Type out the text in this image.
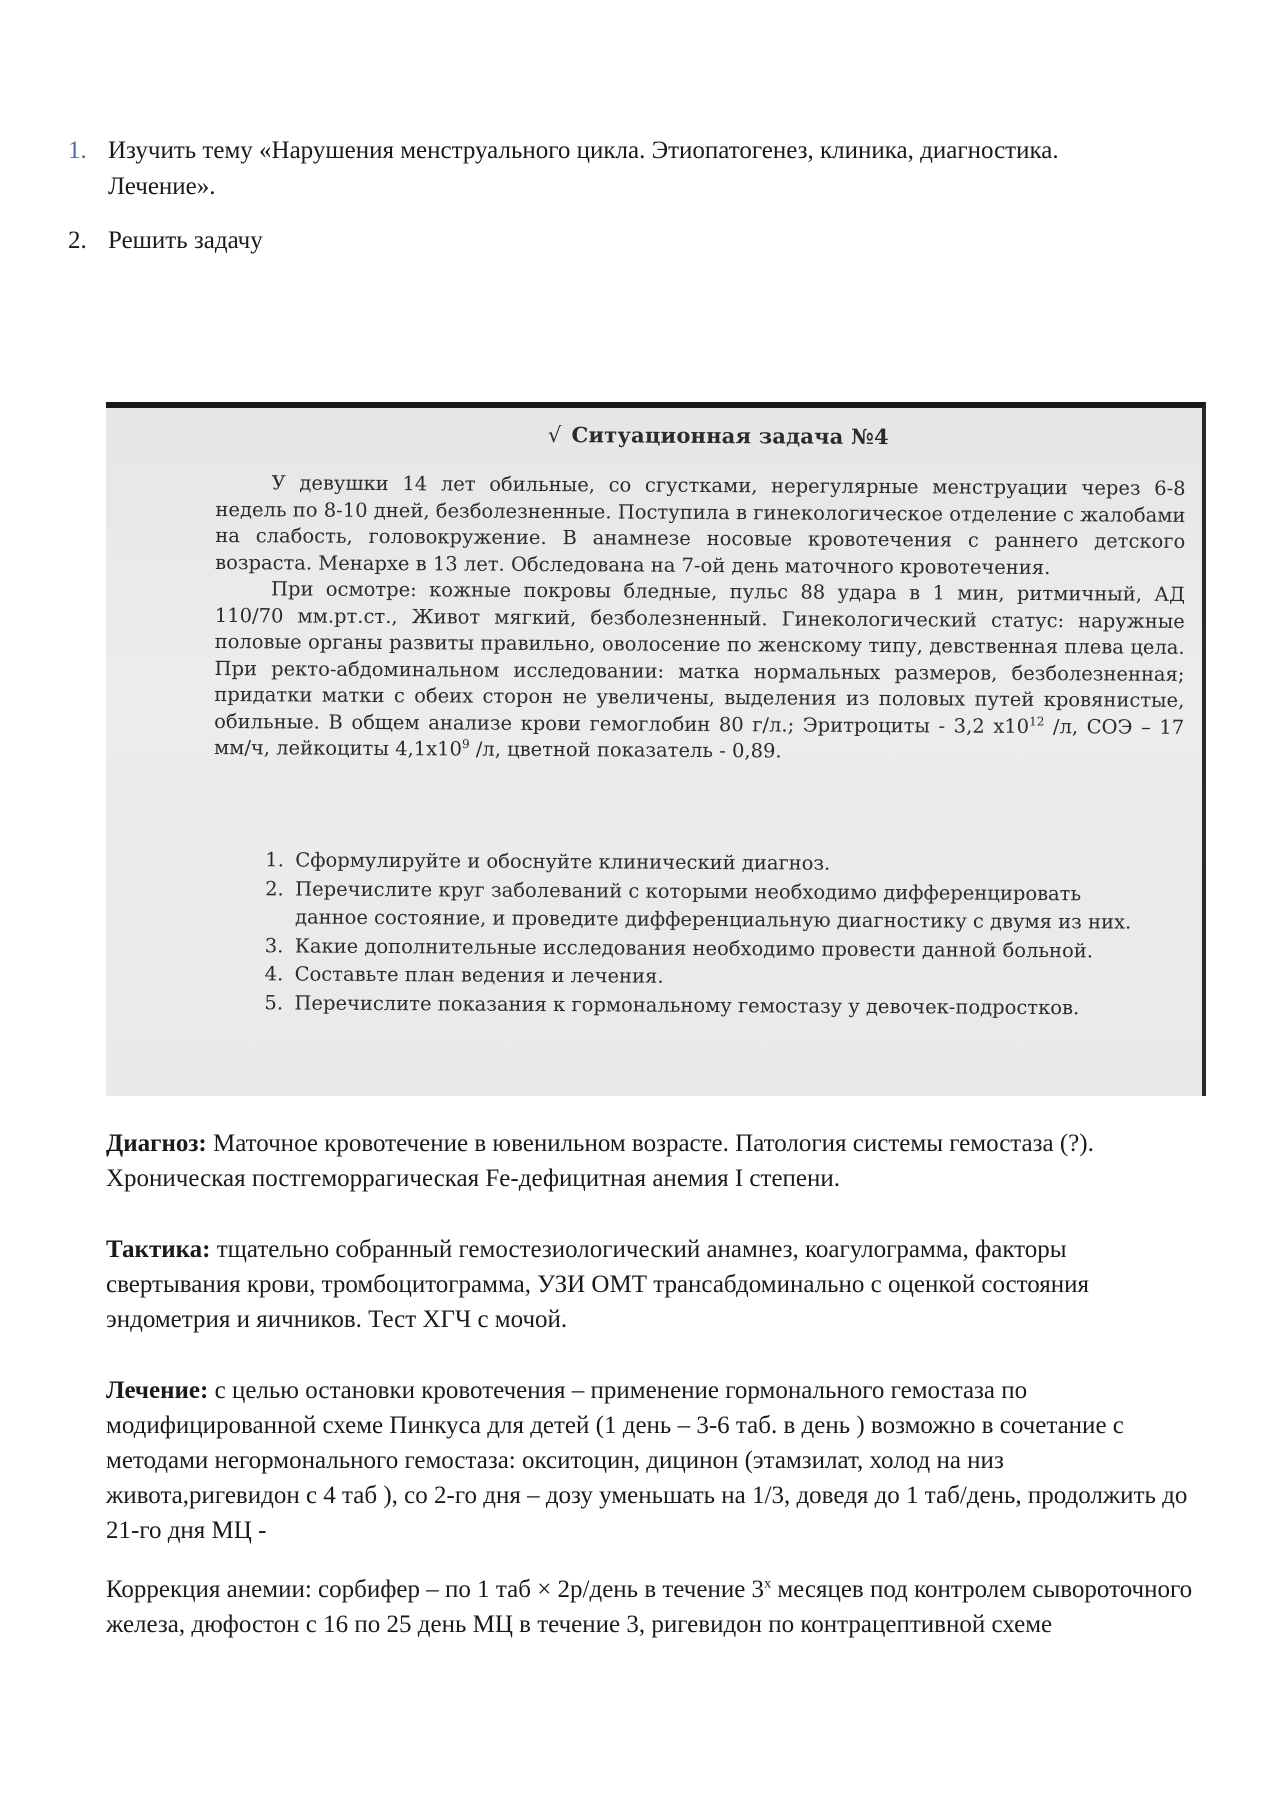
1. Изучить тему «Нарушения менструального цикла. Этиопатогенез, клиника, диагностика. Лечение».
2. Решить задачу
√ Ситуационная задача №4

У девушки 14 лет обильные, со сгустками, нерегулярные менструации через 6-8 недель по 8-10 дней, безболезненные. Поступила в гинекологическое отделение с жалобами на слабость, головокружение. В анамнезе носовые кровотечения с раннего детского возраста. Менархе в 13 лет. Обследована на 7-ой день маточного кровотечения.

При осмотре: кожные покровы бледные, пульс 88 удара в 1 мин, ритмичный, АД 110/70 мм.рт.ст., Живот мягкий, безболезненный. Гинекологический статус: наружные половые органы развиты правильно, оволосение по женскому типу, девственная плева цела. При ректо-абдоминальном исследовании: матка нормальных размеров, безболезненная; придатки матки с обеих сторон не увеличены, выделения из половых путей кровянистые, обильные. В общем анализе крови гемоглобин 80 г/л.; Эритроциты - 3,2 $х10^{12}$ /л, СОЭ – 17 мм/ч, лейкоциты $4,1х10^9$ /л, цветной показатель - 0,89.

1. Сформулируйте и обоснуйте клинический диагноз.
2. Перечислите круг заболеваний с которыми необходимо дифференцировать данное состояние, и проведите дифференциальную диагностику с двумя из них.
3. Какие дополнительные исследования необходимо провести данной больной.
4. Составьте план ведения и лечения.
5. Перечислите показания к гормональному гемостазу у девочек-подростков.

Диагноз: Маточное кровотечение в ювенильном возрасте. Патология системы гемостаза (?). Хроническая постгеморрагическая Fe-дефицитная анемия I степени.

Тактика: тщательно собранный гемостезиологический анамнез, коагулограмма, факторы свертывания крови, тромбоцитограмма, УЗИ ОМТ трансабдоминально с оценкой состояния эндометрия и яичников. Тест ХГЧ с мочой.

Лечение: с целью остановки кровотечения – применение гормонального гемостаза по модифицированной схеме Пинкуса для детей (1 день – 3-6 таб. в день ) возможно в сочетание с методами негормонального гемостаза: окситоцин, дицинон (этамзилат, холод на низ живота,ригевидон с 4 таб ), со 2-го дня – дозу уменьшать на 1/3, доведя до 1 таб/день, продолжить до 21-го дня МЦ -

Коррекция анемии: сорбифер – по 1 таб × 2р/день в течение $3^х$ месяцев под контролем сывороточного железа, дюфостон с 16 по 25 день МЦ в течение 3, ригевидон по контрацептивной схеме
